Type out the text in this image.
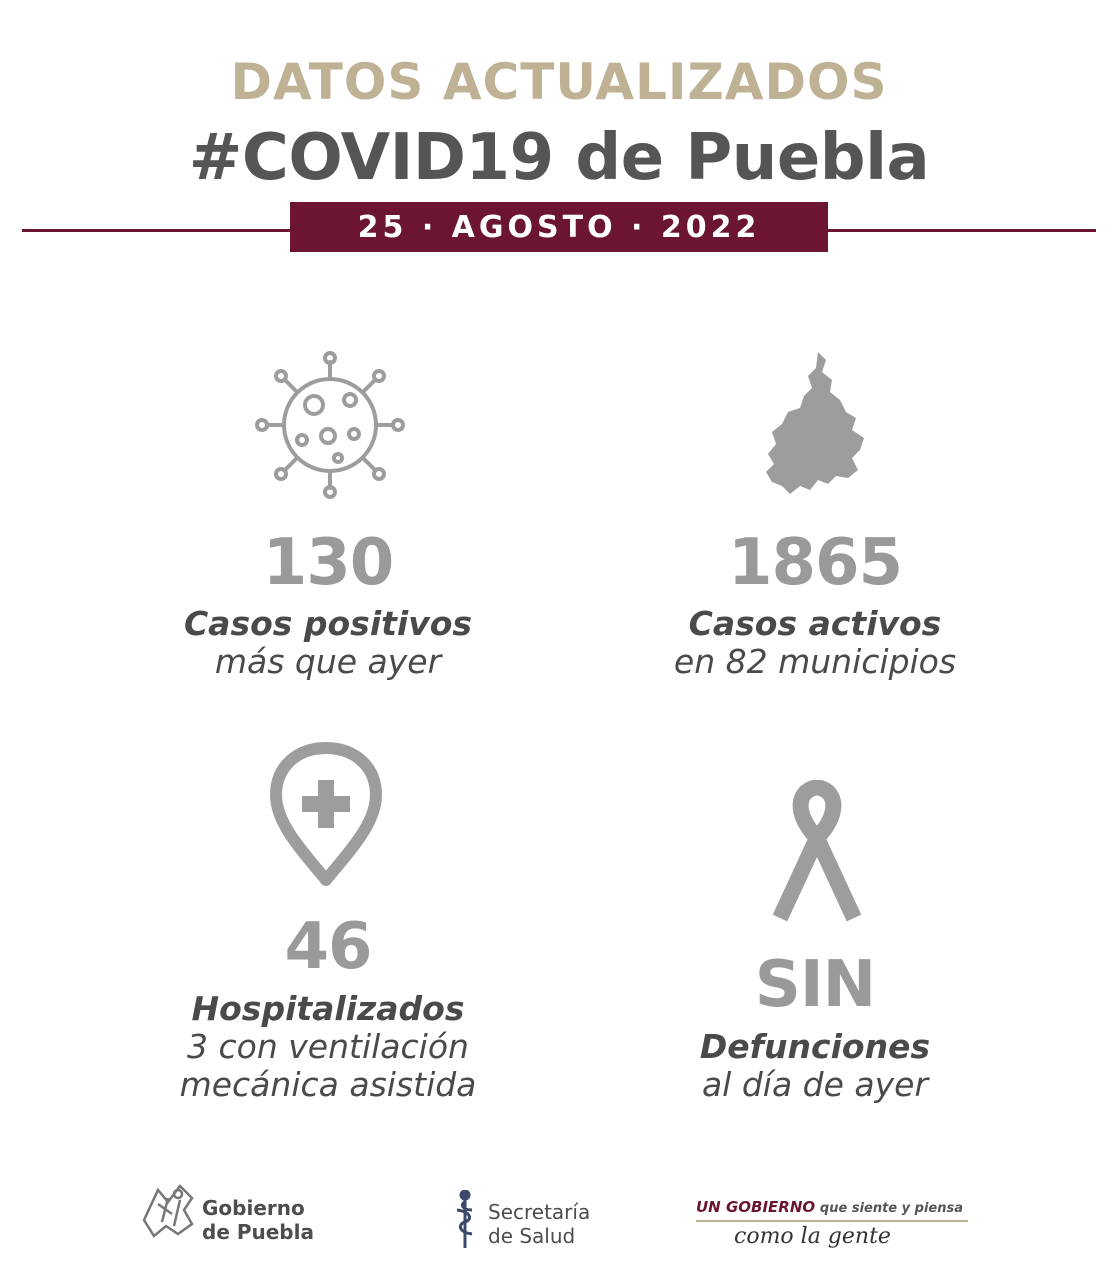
DATOS ACTUALIZADOS
#COVID19 de Puebla
25 · AGOSTO · 2022
130
Casos positivos
más que ayer
1865
Casos activos
en 82 municipios
46
Hospitalizados
3 con ventilación
mecánica asistida
SIN
Defunciones
al día de ayer
Gobierno
de Puebla
Secretaría
de Salud
UN GOBIERNO que siente y piensa
como la gente
